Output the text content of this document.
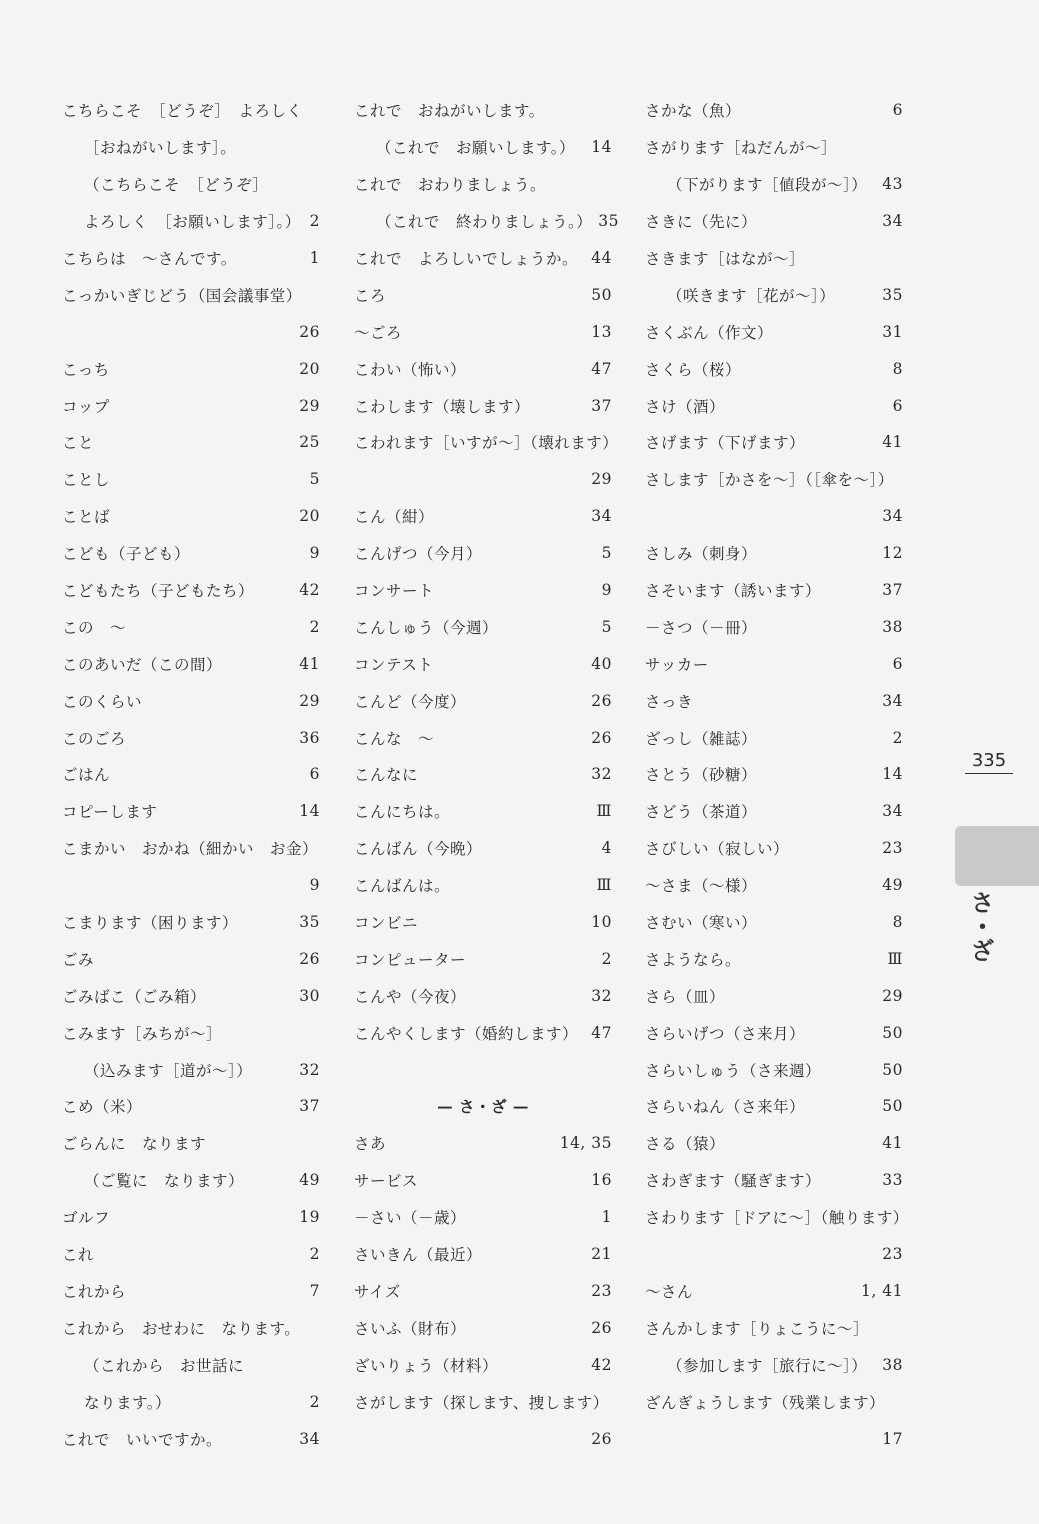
こちらこそ　［どうぞ］　よろしく
［おねがいします］。
（こちらこそ　［どうぞ］
よろしく　［お願いします］。） 2
こちらは　～さんです。	1
こっかいぎじどう（国会議事堂）
26
こっち	20
コップ	29
こと	25
ことし	5
ことば	20
こども（子ども）	9
こどもたち（子どもたち）	42
この　～	2
このあいだ（この間）	41
このくらい	29
このごろ	36
ごはん	6
コピーします	14
こまかい　おかね（細かい　お金）
9
こまります（困ります）	35
ごみ	26
ごみばこ（ごみ箱）	30
こみます［みちが～］
（込みます［道が～］）	32
こめ（米）	37
ごらんに　なります
（ご覧に　なります）	49
ゴルフ	19
これ	2
これから	7
これから　おせわに　なります。
（これから　お世話に
なります。）	2
これで　いいですか。	34
これで　おねがいします。
（これで　お願いします。） 14
これで　おわりましょう。
（これで　終わりましょう。） 35
これで　よろしいでしょうか。 44
ころ	50
～ごろ	13
こわい（怖い）	47
こわします（壊します）	37
こわれます［いすが～］（壊れます）
29
こん（紺）	34
こんげつ（今月）	5
コンサート	9
こんしゅう（今週）	5
コンテスト	40
こんど（今度）	26
こんな　～	26
こんなに	32
こんにちは。	Ⅲ
こんばん（今晩）	4
こんばんは。	Ⅲ
コンビニ	10
コンピューター	2
こんや（今夜）	32
こんやくします（婚約します） 47
— さ・ざ —
さあ	14, 35
サービス	16
－さい（－歳）	1
さいきん（最近）	21
サイズ	23
さいふ（財布）	26
ざいりょう（材料）	42
さがします（探します、捜します）
26
さかな（魚）	6
さがります［ねだんが～］
（下がります［値段が～］） 43
さきに（先に）	34
さきます［はなが～］
（咲きます［花が～］）	35
さくぶん（作文）	31
さくら（桜）	8
さけ（酒）	6
さげます（下げます）	41
さします［かさを～］（［傘を～］）
34
さしみ（刺身）	12
さそいます（誘います）	37
－さつ（－冊）	38
サッカー	6
さっき	34
ざっし（雑誌）	2
さとう（砂糖）	14
さどう（茶道）	34
さびしい（寂しい）	23
～さま（～様）	49
さむい（寒い）	8
さようなら。	Ⅲ
さら（皿）	29
さらいげつ（さ来月）	50
さらいしゅう（さ来週）	50
さらいねん（さ来年）	50
さる（猿）	41
さわぎます（騒ぎます）	33
さわります［ドアに～］（触ります）
23
～さん	1, 41
さんかします［りょこうに～］
（参加します［旅行に～］） 38
ざんぎょうします（残業します）
17
335
さ・ざ
